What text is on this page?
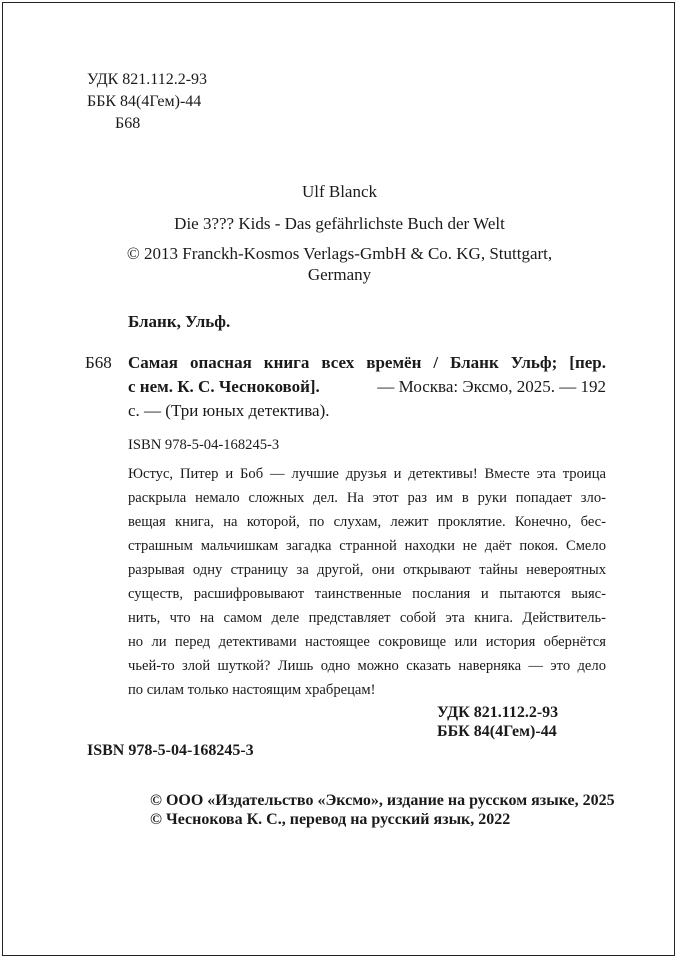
УДК 821.112.2-93
ББК 84(4Гем)-44
Б68
Ulf Blanck
Die 3??? Kids - Das gefährlichste Buch der Welt
© 2013 Franckh-Kosmos Verlags-GmbH & Co. KG, Stuttgart,
Germany
Бланк, Ульф.
Б68 Самая опасная книга всех времён / Бланк Ульф; [пер.
с нем. К. С. Чесноковой].	— Москва: Эксмо, 2025. — 192
с. — (Три юных детектива).
ISBN 978-5-04-168245-3
Юстус, Питер и Боб — лучшие друзья и детективы! Вместе эта троица
раскрыла немало сложных дел. На этот раз им в руки попадает зло-
вещая книга, на которой, по слухам, лежит проклятие. Конечно, бес-
страшным мальчишкам загадка странной находки не даёт покоя. Смело
разрывая одну страницу за другой, они открывают тайны невероятных
существ, расшифровывают таинственные послания и пытаются выяс-
нить, что на самом деле представляет собой эта книга. Действитель-
но ли перед детективами настоящее сокровище или история обернётся
чьей-то злой шуткой? Лишь одно можно сказать наверняка — это дело
по силам только настоящим храбрецам!
УДК 821.112.2-93
ББК 84(4Гем)-44
ISBN 978-5-04-168245-3
© ООО «Издательство «Эксмо», издание на русском языке, 2025
© Чеснокова К. С., перевод на русский язык, 2022
